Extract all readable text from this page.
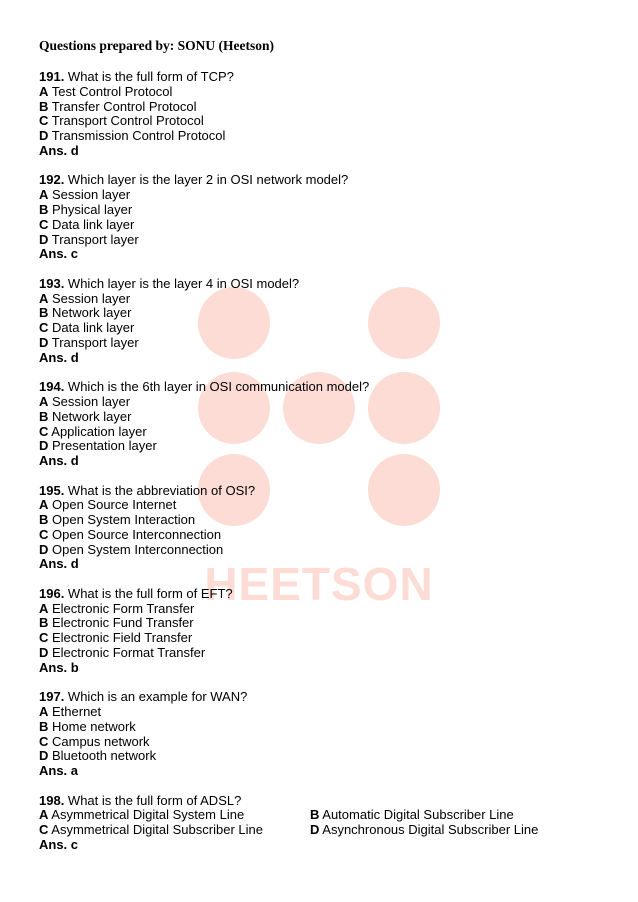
HEETSON
Questions prepared by: SONU (Heetson)
191. What is the full form of TCP?
A Test Control Protocol
B Transfer Control Protocol
C Transport Control Protocol
D Transmission Control Protocol
Ans. d
192. Which layer is the layer 2 in OSI network model?
A Session layer
B Physical layer
C Data link layer
D Transport layer
Ans. c
193. Which layer is the layer 4 in OSI model?
A Session layer
B Network layer
C Data link layer
D Transport layer
Ans. d
194. Which is the 6th layer in OSI communication model?
A Session layer
B Network layer
C Application layer
D Presentation layer
Ans. d
195. What is the abbreviation of OSI?
A Open Source Internet
B Open System Interaction
C Open Source Interconnection
D Open System Interconnection
Ans. d
196. What is the full form of EFT?
A Electronic Form Transfer
B Electronic Fund Transfer
C Electronic Field Transfer
D Electronic Format Transfer
Ans. b
197. Which is an example for WAN?
A Ethernet
B Home network
C Campus network
D Bluetooth network
Ans. a
198. What is the full form of ADSL?
A Asymmetrical Digital System Line	B Automatic Digital Subscriber Line
C Asymmetrical Digital Subscriber Line	D Asynchronous Digital Subscriber Line
Ans. c
